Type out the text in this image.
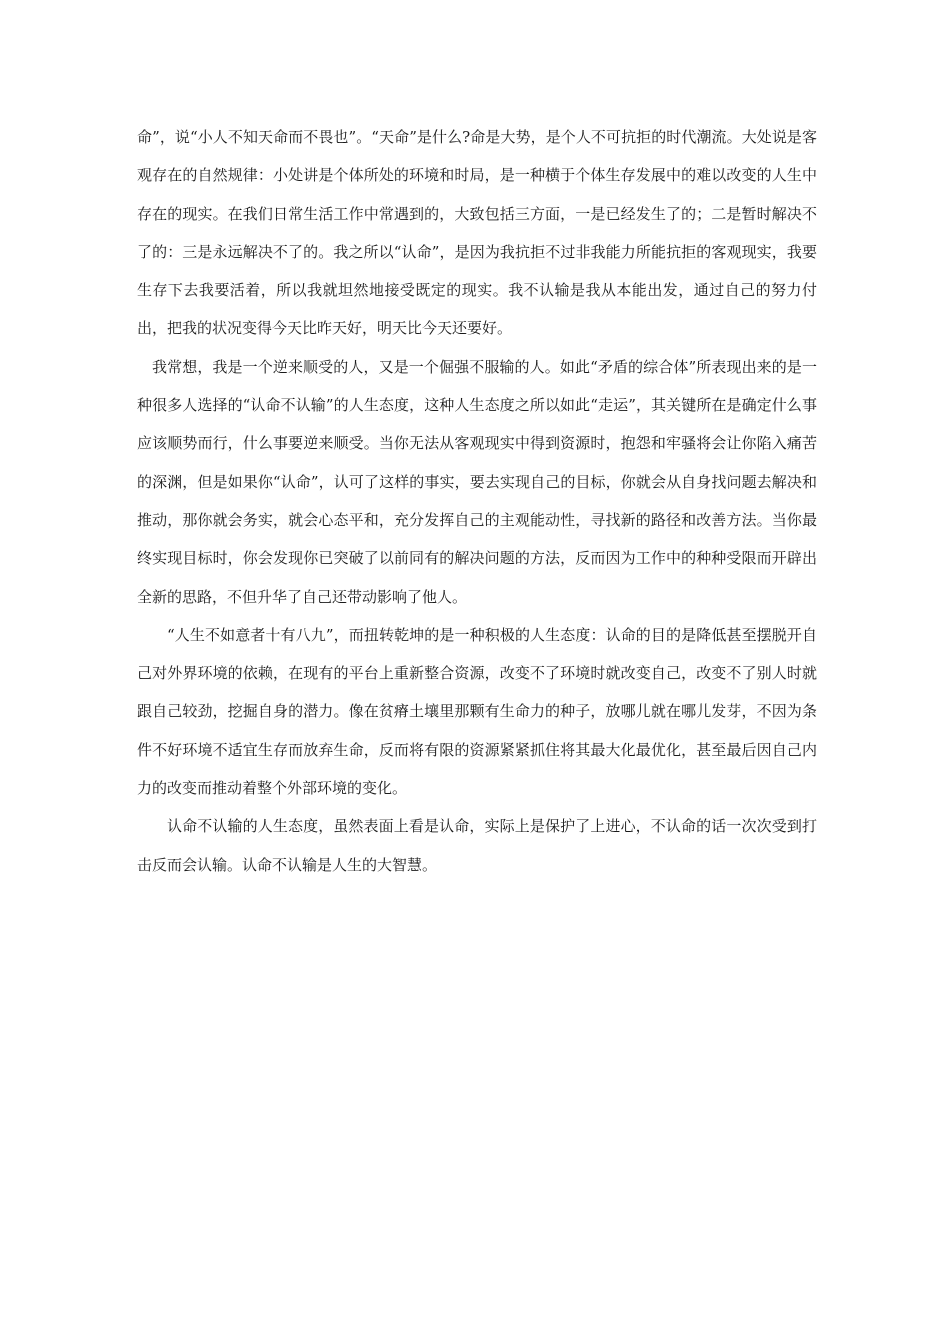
命”，说“小人不知天命而不畏也”。“天命”是什么?命是大势，是个人不可抗拒的时代潮流。大处说是客观存在的自然规律：小处讲是个体所处的环境和时局，是一种横于个体生存发展中的难以改变的人生中存在的现实。在我们日常生活工作中常遇到的，大致包括三方面，一是已经发生了的；二是暂时解决不了的：三是永远解决不了的。我之所以“认命”，是因为我抗拒不过非我能力所能抗拒的客观现实，我要生存下去我要活着，所以我就坦然地接受既定的现实。我不认输是我从本能出发，通过自己的努力付出，把我的状况变得今天比昨天好，明天比今天还要好。

我常想，我是一个逆来顺受的人，又是一个倔强不服输的人。如此“矛盾的综合体”所表现出来的是一种很多人选择的“认命不认输”的人生态度，这种人生态度之所以如此“走运”，其关键所在是确定什么事应该顺势而行，什么事要逆来顺受。当你无法从客观现实中得到资源时，抱怨和牢骚将会让你陷入痛苦的深渊，但是如果你“认命”，认可了这样的事实，要去实现自己的目标，你就会从自身找问题去解决和推动，那你就会务实，就会心态平和，充分发挥自己的主观能动性，寻找新的路径和改善方法。当你最终实现目标时，你会发现你已突破了以前同有的解决问题的方法，反而因为工作中的种种受限而开辟出全新的思路，不但升华了自己还带动影响了他人。

“人生不如意者十有八九”，而扭转乾坤的是一种积极的人生态度：认命的目的是降低甚至摆脱开自己对外界环境的依赖，在现有的平台上重新整合资源，改变不了环境时就改变自己，改变不了别人时就跟自己较劲，挖掘自身的潜力。像在贫瘠土壤里那颗有生命力的种子，放哪儿就在哪儿发芽，不因为条件不好环境不适宜生存而放弃生命，反而将有限的资源紧紧抓住将其最大化最优化，甚至最后因自己内力的改变而推动着整个外部环境的变化。

认命不认输的人生态度，虽然表面上看是认命，实际上是保护了上进心，不认命的话一次次受到打击反而会认输。认命不认输是人生的大智慧。
